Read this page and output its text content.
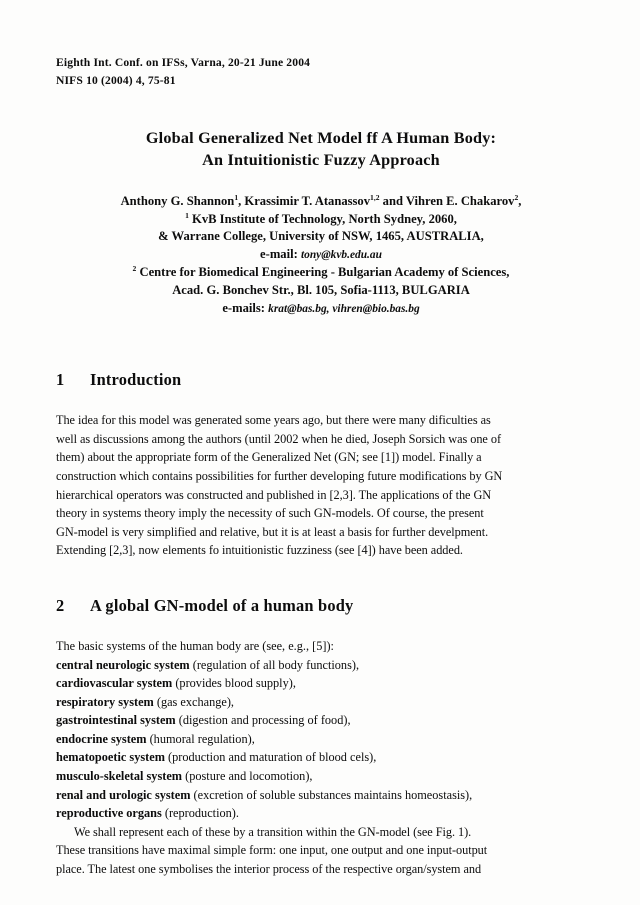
Eighth Int. Conf. on IFSs, Varna, 20-21 June 2004
NIFS 10 (2004) 4, 75-81
Global Generalized Net Model ff A Human Body:
An Intuitionistic Fuzzy Approach
Anthony G. Shannon$^1$, Krassimir T. Atanassov$^{1,2}$ and Vihren E. Chakarov$^2$,
$^1$ KvB Institute of Technology, North Sydney, 2060,
& Warrane College, University of NSW, 1465, AUSTRALIA,
e-mail: tony@kvb.edu.au
$^2$ Centre for Biomedical Engineering - Bulgarian Academy of Sciences,
Acad. G. Bonchev Str., Bl. 105, Sofia-1113, BULGARIA
e-mails: krat@bas.bg, vihren@bio.bas.bg
1 Introduction
The idea for this model was generated some years ago, but there were many dificulties as
well as discussions among the authors (until 2002 when he died, Joseph Sorsich was one of
them) about the appropriate form of the Generalized Net (GN; see [1]) model. Finally a
construction which contains possibilities for further developing future modifications by GN
hierarchical operators was constructed and published in [2,3]. The applications of the GN
theory in systems theory imply the necessity of such GN-models. Of course, the present
GN-model is very simplified and relative, but it is at least a basis for further develpment.
Extending [2,3], now elements fo intuitionistic fuzziness (see [4]) have been added.
2 A global GN-model of a human body
The basic systems of the human body are (see, e.g., [5]):
central neurologic system (regulation of all body functions),
cardiovascular system (provides blood supply),
respiratory system (gas exchange),
gastrointestinal system (digestion and processing of food),
endocrine system (humoral regulation),
hematopoetic system (production and maturation of blood cels),
musculo-skeletal system (posture and locomotion),
renal and urologic system (excretion of soluble substances maintains homeostasis),
reproductive organs (reproduction).
We shall represent each of these by a transition within the GN-model (see Fig. 1).
These transitions have maximal simple form: one input, one output and one input-output
place. The latest one symbolises the interior process of the respective organ/system and
